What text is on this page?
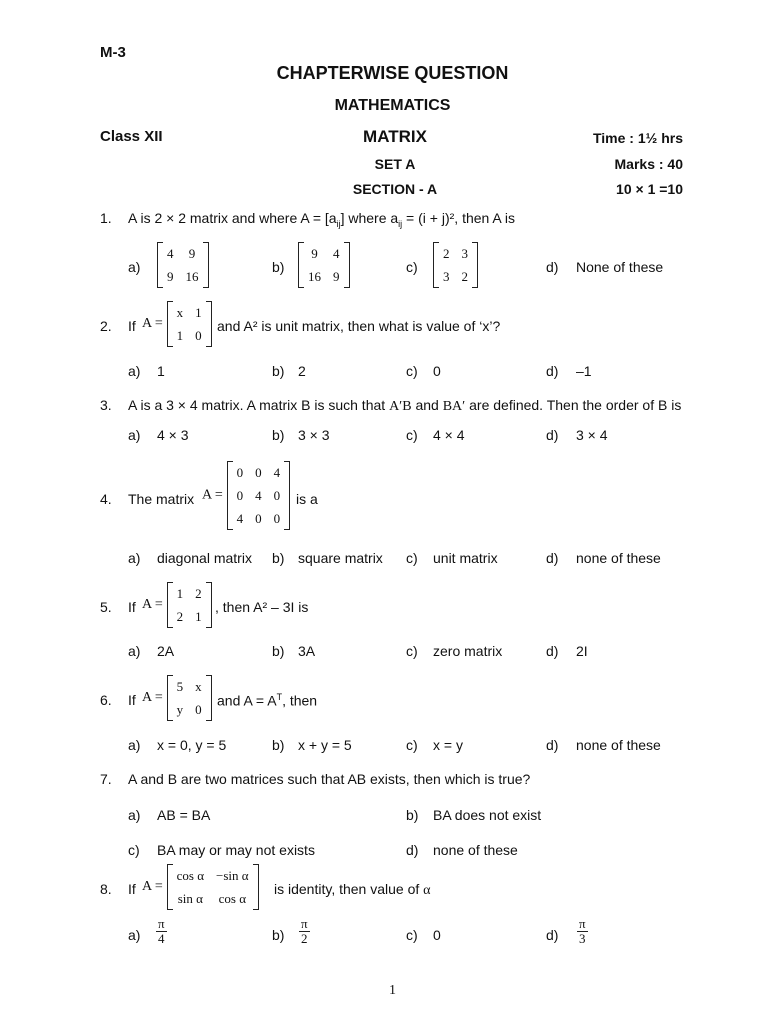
M-3
CHAPTERWISE QUESTION
MATHEMATICS
Class XII	MATRIX	Time : 1½ hrs
SET A	Marks : 40
SECTION - A	10 × 1 =10
1. A is 2 × 2 matrix and where $A = [a_{ij}]$ where $a_{ij} = (i + j)^2$, then A is
a)
4	9
9	16
b)
9	4
16	9
c)
2	3
3	2
d) None of these
2. If A =
x	1
1	0
and A² is unit matrix, then what is value of ‘x’?
a) 1	b) 2	c) 0	d) –1
3. A is a 3 × 4 matrix. A matrix B is such that A′B and BA′ are defined. Then the order of B is
a) 4 × 3	b) 3 × 3	c) 4 × 4	d) 3 × 4
4. The matrix A =
0	0	4
0	4	0
4	0	0
is a
a) diagonal matrix b) square matrix c) unit matrix	d) none of these
5. If A =
1	2
2	1
, then A² – 3I is
a) 2A	b) 3A	c) zero matrix	d) 2I
6. If A =
5	x
y	0
and $A = A^T$, then
a) x = 0, y = 5	b) x + y = 5	c) x = y	d) none of these
7. A and B are two matrices such that AB exists, then which is true?
a) AB = BA	b) BA does not exist
c) BA may or may not exists	d) none of these
8. If A =
cos α	−sin α
sin α	cos α
is identity, then value of α
$a) \frac{\pi}{4}$	$b) \frac{\pi}{2}$	c) 0	$d) \frac{\pi}{3}$
1
